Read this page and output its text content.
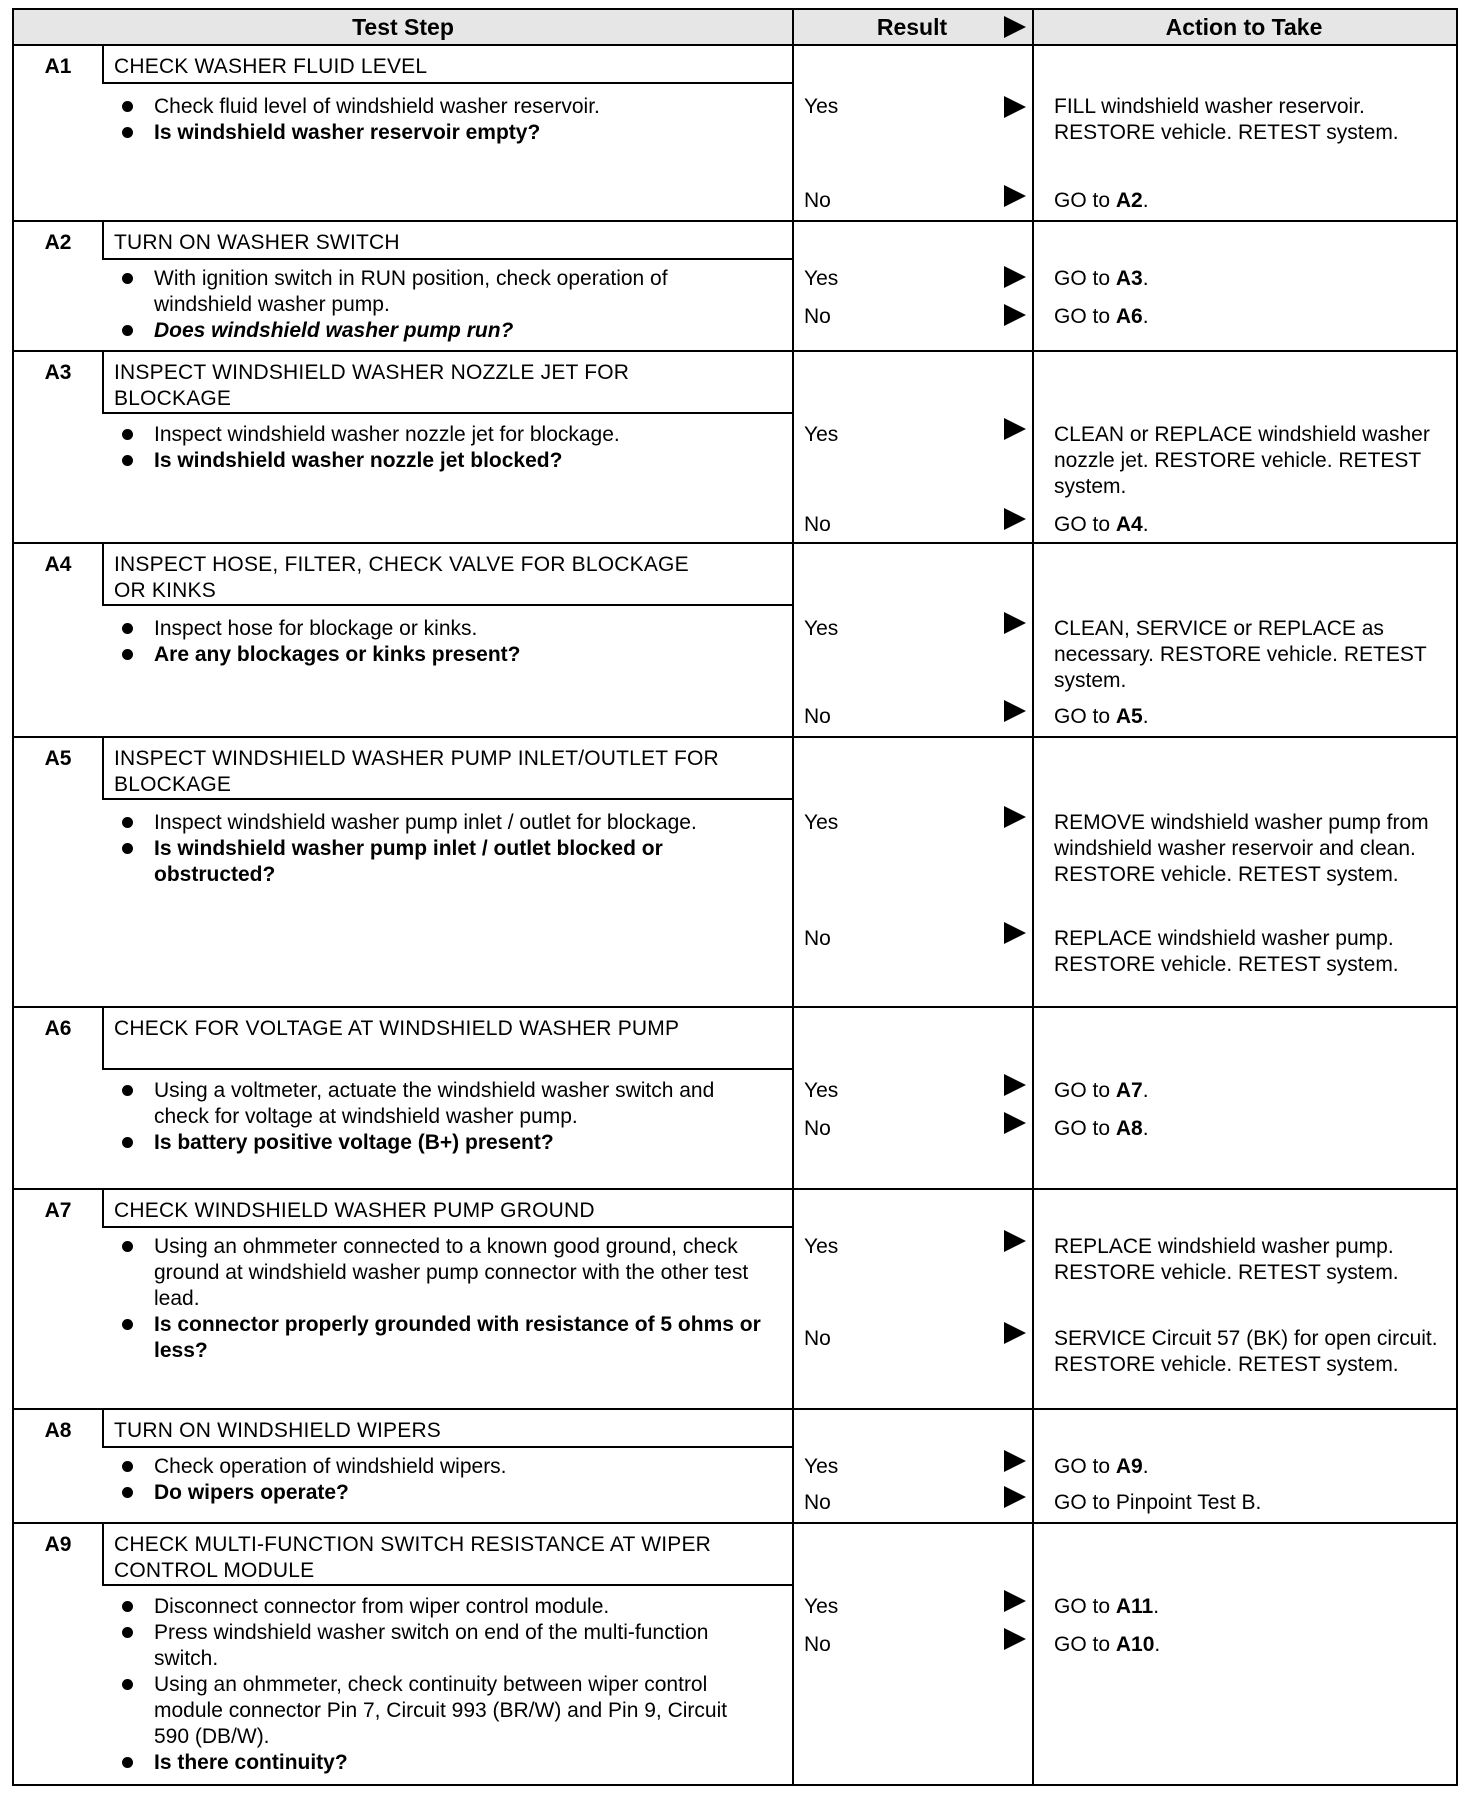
Test Step	Result	Action to Take
A1	CHECK WASHER FLUID LEVEL
Check fluid level of windshield washer reservoir.
Is windshield washer reservoir empty?
Yes	FILL windshield washer reservoir. RESTORE vehicle. RETEST system.
No	GO to A2.
A2	TURN ON WASHER SWITCH
With ignition switch in RUN position, check operation of windshield washer pump.
Does windshield washer pump run?
Yes	GO to A3.
No	GO to A6.
A3	INSPECT WINDSHIELD WASHER NOZZLE JET FOR BLOCKAGE
Inspect windshield washer nozzle jet for blockage.
Is windshield washer nozzle jet blocked?
Yes	CLEAN or REPLACE windshield washer nozzle jet. RESTORE vehicle. RETEST system.
No	GO to A4.
A4	INSPECT HOSE, FILTER, CHECK VALVE FOR BLOCKAGE OR KINKS
Inspect hose for blockage or kinks.
Are any blockages or kinks present?
Yes	CLEAN, SERVICE or REPLACE as necessary. RESTORE vehicle. RETEST system.
No	GO to A5.
A5	INSPECT WINDSHIELD WASHER PUMP INLET/OUTLET FOR BLOCKAGE
Inspect windshield washer pump inlet / outlet for blockage.
Is windshield washer pump inlet / outlet blocked or obstructed?
Yes	REMOVE windshield washer pump from windshield washer reservoir and clean. RESTORE vehicle. RETEST system.
No	REPLACE windshield washer pump. RESTORE vehicle. RETEST system.
A6	CHECK FOR VOLTAGE AT WINDSHIELD WASHER PUMP
Using a voltmeter, actuate the windshield washer switch and check for voltage at windshield washer pump.
Is battery positive voltage (B+) present?
Yes	GO to A7.
No	GO to A8.
A7	CHECK WINDSHIELD WASHER PUMP GROUND
Using an ohmmeter connected to a known good ground, check ground at windshield washer pump connector with the other test lead.
Is connector properly grounded with resistance of 5 ohms or less?
Yes	REPLACE windshield washer pump. RESTORE vehicle. RETEST system.
No	SERVICE Circuit 57 (BK) for open circuit. RESTORE vehicle. RETEST system.
A8	TURN ON WINDSHIELD WIPERS
Check operation of windshield wipers.
Do wipers operate?
Yes	GO to A9.
No	GO to Pinpoint Test B.
A9	CHECK MULTI-FUNCTION SWITCH RESISTANCE AT WIPER CONTROL MODULE
Disconnect connector from wiper control module.
Press windshield washer switch on end of the multi-function switch.
Using an ohmmeter, check continuity between wiper control module connector Pin 7, Circuit 993 (BR/W) and Pin 9, Circuit 590 (DB/W).
Is there continuity?
Yes	GO to A11.
No	GO to A10.
